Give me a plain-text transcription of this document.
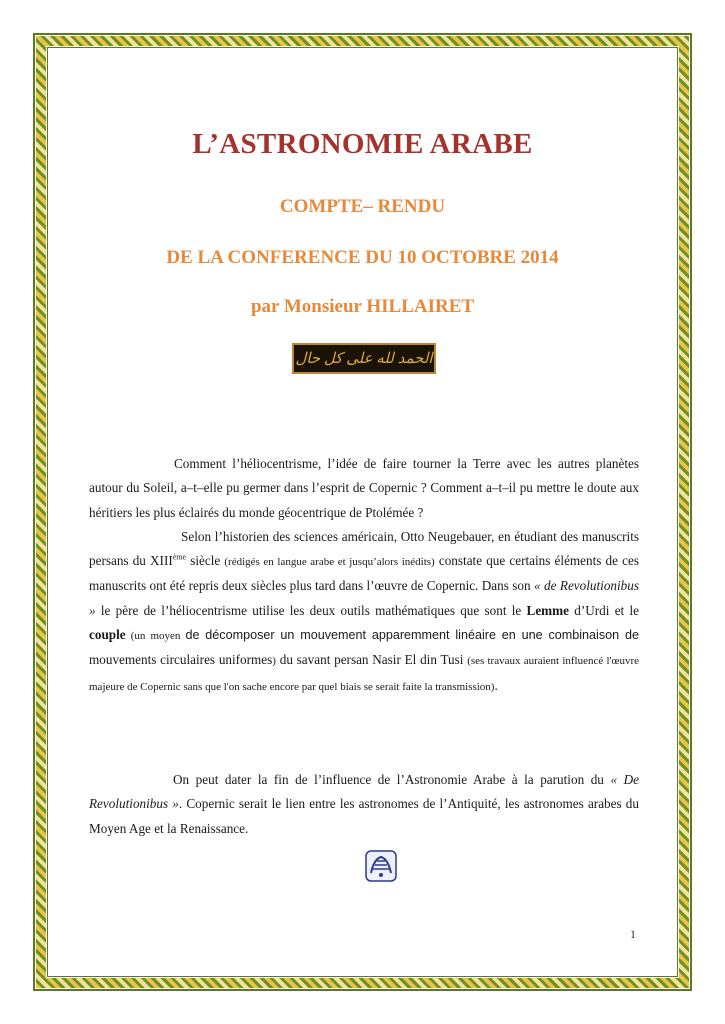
L’ASTRONOMIE ARABE
COMPTE– RENDU
DE LA CONFERENCE DU 10 OCTOBRE 2014
par Monsieur HILLAIRET
الحمد لله على كل حال

Comment l’héliocentrisme, l’idée de faire tourner la Terre avec les autres planètes autour du Soleil, a–t–elle pu germer dans l’esprit de Copernic ? Comment a–t–il pu mettre le doute aux héritiers les plus éclairés du monde géocentrique de Ptolémée ?

Selon l’historien des sciences américain, Otto Neugebauer, en étudiant des manuscrits persans du XIIIème siècle (rédigés en langue arabe et jusqu’alors inédits) constate que certains éléments de ces manuscrits ont été repris deux siècles plus tard dans l’œuvre de Copernic. Dans son « de Revolutionibus » le père de l’héliocentrisme utilise les deux outils mathématiques que sont le Lemme d’Urdi et le couple (un moyen de décomposer un mouvement apparemment linéaire en une combinaison de mouvements circulaires uniformes) du savant persan Nasir El din Tusi (ses travaux auraient influencé l'œuvre majeure de Copernic sans que l'on sache encore par quel biais se serait faite la transmission).

On peut dater la fin de l’influence de l’Astronomie Arabe à la parution du « De Revolutionibus ». Copernic serait le lien entre les astronomes de l’Antiquité, les astronomes arabes du Moyen Age et la Renaissance.

1
